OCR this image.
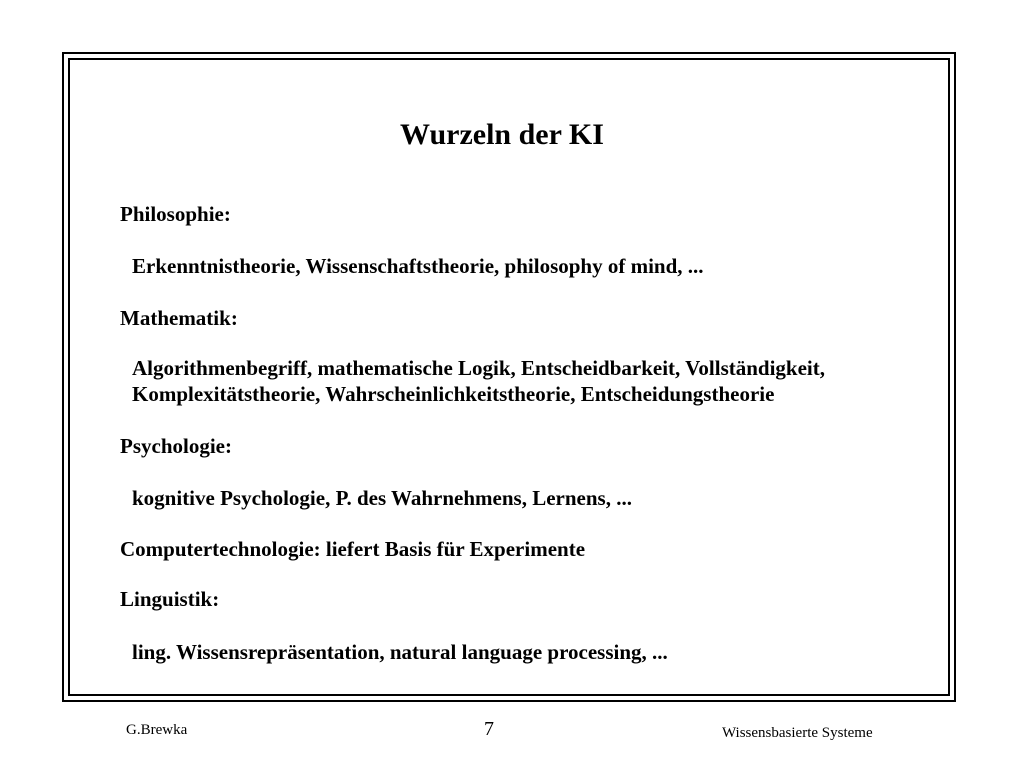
Wurzeln der KI
Philosophie:
Erkenntnistheorie, Wissenschaftstheorie, philosophy of mind, ...
Mathematik:
Algorithmenbegriff, mathematische Logik, Entscheidbarkeit, Vollständigkeit,
Komplexitätstheorie, Wahrscheinlichkeitstheorie, Entscheidungstheorie
Psychologie:
kognitive Psychologie, P. des Wahrnehmens, Lernens, ...
Computertechnologie: liefert Basis für Experimente
Linguistik:
ling. Wissensrepräsentation, natural language processing, ...
G.Brewka	7	Wissensbasierte Systeme
